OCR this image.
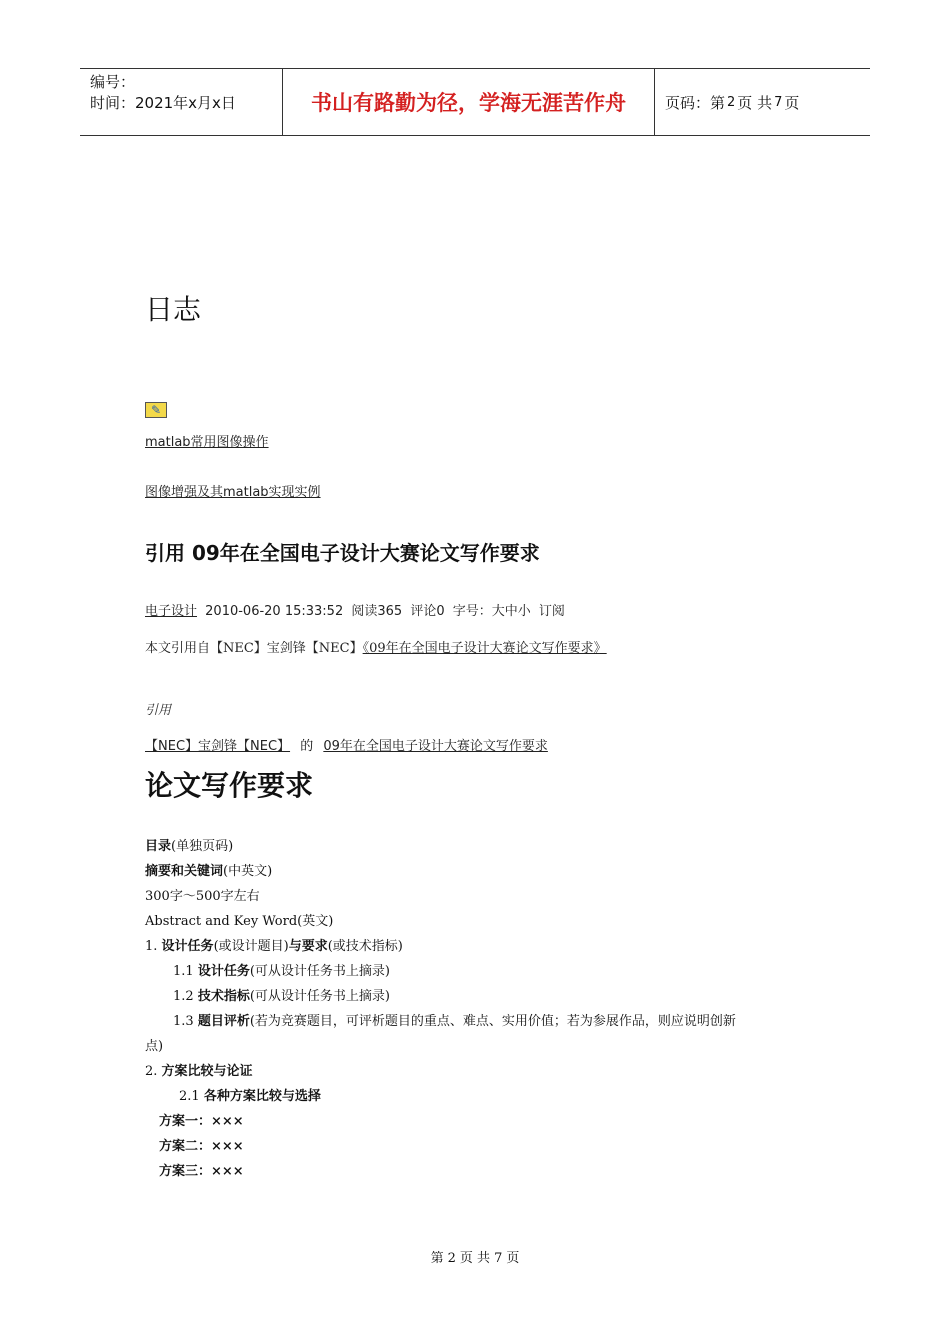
编号：
时间：2021年x月x日	书山有路勤为径，学海无涯苦作舟	页码：第 2 页 共 7 页
日志
✎
matlab常用图像操作
图像增强及其matlab实现实例
引用 09年在全国电子设计大赛论文写作要求
电子设计 2010-06-20 15:33:52 阅读365 评论0 字号：大中小 订阅
本文引用自【NEC】宝剑锋【NEC】《09年在全国电子设计大赛论文写作要求》
引用
【NEC】宝剑锋【NEC】 的 09年在全国电子设计大赛论文写作要求
论文写作要求
目录(单独页码)
摘要和关键词(中英文)
300字～500字左右
Abstract and Key Word(英文)
1. 设计任务(或设计题目)与要求(或技术指标)
1.1 设计任务(可从设计任务书上摘录)
1.2 技术指标(可从设计任务书上摘录)
1.3 题目评析(若为竞赛题目，可评析题目的重点、难点、实用价值；若为参展作品，则应说明创新
点)
2. 方案比较与论证
2.1 各种方案比较与选择
方案一：×××
方案二：×××
方案三：×××
第 2 页 共 7 页
